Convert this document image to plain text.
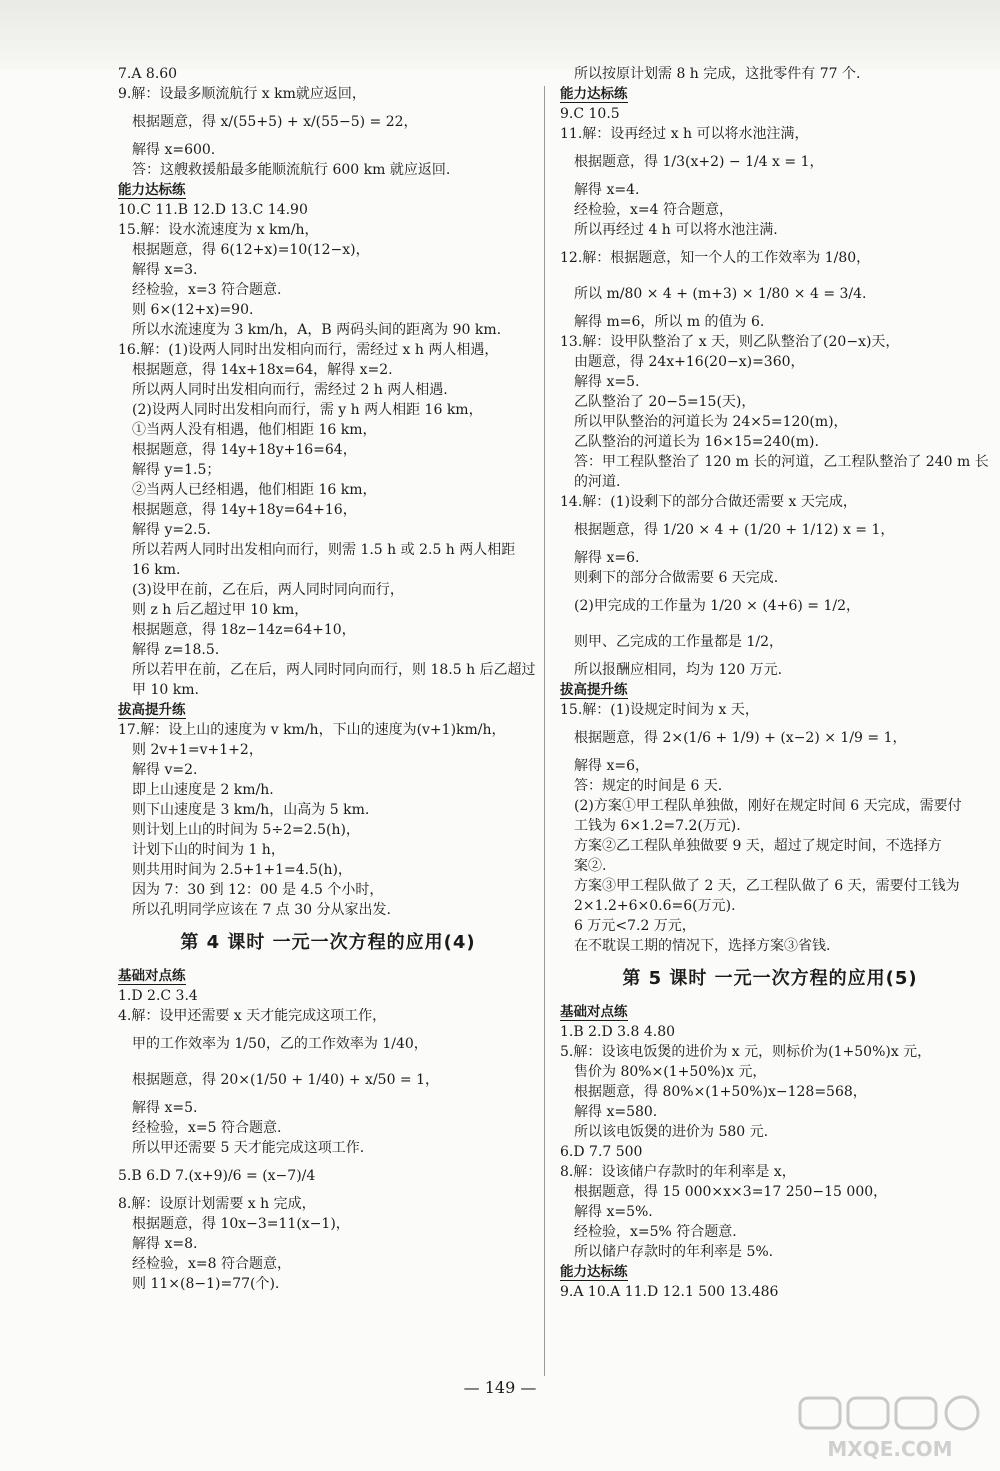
7.A 8.60
9.解：设最多顺流航行 x km就应返回，
根据题意，得 x/(55+5) + x/(55−5) = 22，
解得 x=600.
答：这艘救援船最多能顺流航行 600 km 就应返回.
能力达标练
10.C 11.B 12.D 13.C 14.90
15.解：设水流速度为 x km/h，
根据题意，得 6(12+x)=10(12−x)，
解得 x=3.
经检验，x=3 符合题意.
则 6×(12+x)=90.
所以水流速度为 3 km/h，A，B 两码头间的距离为 90 km.
16.解：(1)设两人同时出发相向而行，需经过 x h 两人相遇，
根据题意，得 14x+18x=64，解得 x=2.
所以两人同时出发相向而行，需经过 2 h 两人相遇.
(2)设两人同时出发相向而行，需 y h 两人相距 16 km，
①当两人没有相遇，他们相距 16 km，
根据题意，得 14y+18y+16=64，
解得 y=1.5；
②当两人已经相遇，他们相距 16 km，
根据题意，得 14y+18y=64+16，
解得 y=2.5.
所以若两人同时出发相向而行，则需 1.5 h 或 2.5 h 两人相距
16 km.
(3)设甲在前，乙在后，两人同时同向而行，
则 z h 后乙超过甲 10 km，
根据题意，得 18z−14z=64+10，
解得 z=18.5.
所以若甲在前，乙在后，两人同时同向而行，则 18.5 h 后乙超过
甲 10 km.
拔高提升练
17.解：设上山的速度为 v km/h，下山的速度为(v+1)km/h，
则 2v+1=v+1+2，
解得 v=2.
即上山速度是 2 km/h.
则下山速度是 3 km/h，山高为 5 km.
则计划上山的时间为 5÷2=2.5(h)，
计划下山的时间为 1 h，
则共用时间为 2.5+1+1=4.5(h)，
因为 7：30 到 12：00 是 4.5 个小时，
所以孔明同学应该在 7 点 30 分从家出发.
第 4 课时 一元一次方程的应用(4)
基础对点练
1.D 2.C 3.4
4.解：设甲还需要 x 天才能完成这项工作，
甲的工作效率为 1/50，乙的工作效率为 1/40，
根据题意，得 20×(1/50 + 1/40) + x/50 = 1，
解得 x=5.
经检验，x=5 符合题意.
所以甲还需要 5 天才能完成这项工作.
5.B 6.D 7.(x+9)/6 = (x−7)/4
8.解：设原计划需要 x h 完成，
根据题意，得 10x−3=11(x−1)，
解得 x=8.
经检验，x=8 符合题意，
则 11×(8−1)=77(个).
所以按原计划需 8 h 完成，这批零件有 77 个.
能力达标练
9.C 10.5
11.解：设再经过 x h 可以将水池注满，
根据题意，得 1/3(x+2) − 1/4 x = 1，
解得 x=4.
经检验，x=4 符合题意，
所以再经过 4 h 可以将水池注满.
12.解：根据题意，知一个人的工作效率为 1/80，
所以 m/80 × 4 + (m+3) × 1/80 × 4 = 3/4.
解得 m=6，所以 m 的值为 6.
13.解：设甲队整治了 x 天，则乙队整治了(20−x)天，
由题意，得 24x+16(20−x)=360，
解得 x=5.
乙队整治了 20−5=15(天)，
所以甲队整治的河道长为 24×5=120(m)，
乙队整治的河道长为 16×15=240(m).
答：甲工程队整治了 120 m 长的河道，乙工程队整治了 240 m 长
的河道.
14.解：(1)设剩下的部分合做还需要 x 天完成，
根据题意，得 1/20 × 4 + (1/20 + 1/12) x = 1，
解得 x=6.
则剩下的部分合做需要 6 天完成.
(2)甲完成的工作量为 1/20 × (4+6) = 1/2，
则甲、乙完成的工作量都是 1/2，
所以报酬应相同，均为 120 万元.
拔高提升练
15.解：(1)设规定时间为 x 天，
根据题意，得 2×(1/6 + 1/9) + (x−2) × 1/9 = 1，
解得 x=6，
答：规定的时间是 6 天.
(2)方案①甲工程队单独做，刚好在规定时间 6 天完成，需要付
工钱为 6×1.2=7.2(万元).
方案②乙工程队单独做要 9 天，超过了规定时间，不选择方
案②.
方案③甲工程队做了 2 天，乙工程队做了 6 天，需要付工钱为
2×1.2+6×0.6=6(万元).
6 万元<7.2 万元，
在不耽误工期的情况下，选择方案③省钱.
第 5 课时 一元一次方程的应用(5)
基础对点练
1.B 2.D 3.8 4.80
5.解：设该电饭煲的进价为 x 元，则标价为(1+50%)x 元，
售价为 80%×(1+50%)x 元，
根据题意，得 80%×(1+50%)x−128=568，
解得 x=580.
所以该电饭煲的进价为 580 元.
6.D 7.7 500
8.解：设该储户存款时的年利率是 x，
根据题意，得 15 000×x×3=17 250−15 000，
解得 x=5%.
经检验，x=5% 符合题意.
所以储户存款时的年利率是 5%.
能力达标练
9.A 10.A 11.D 12.1 500 13.486
— 149 —
MXQE.COM
